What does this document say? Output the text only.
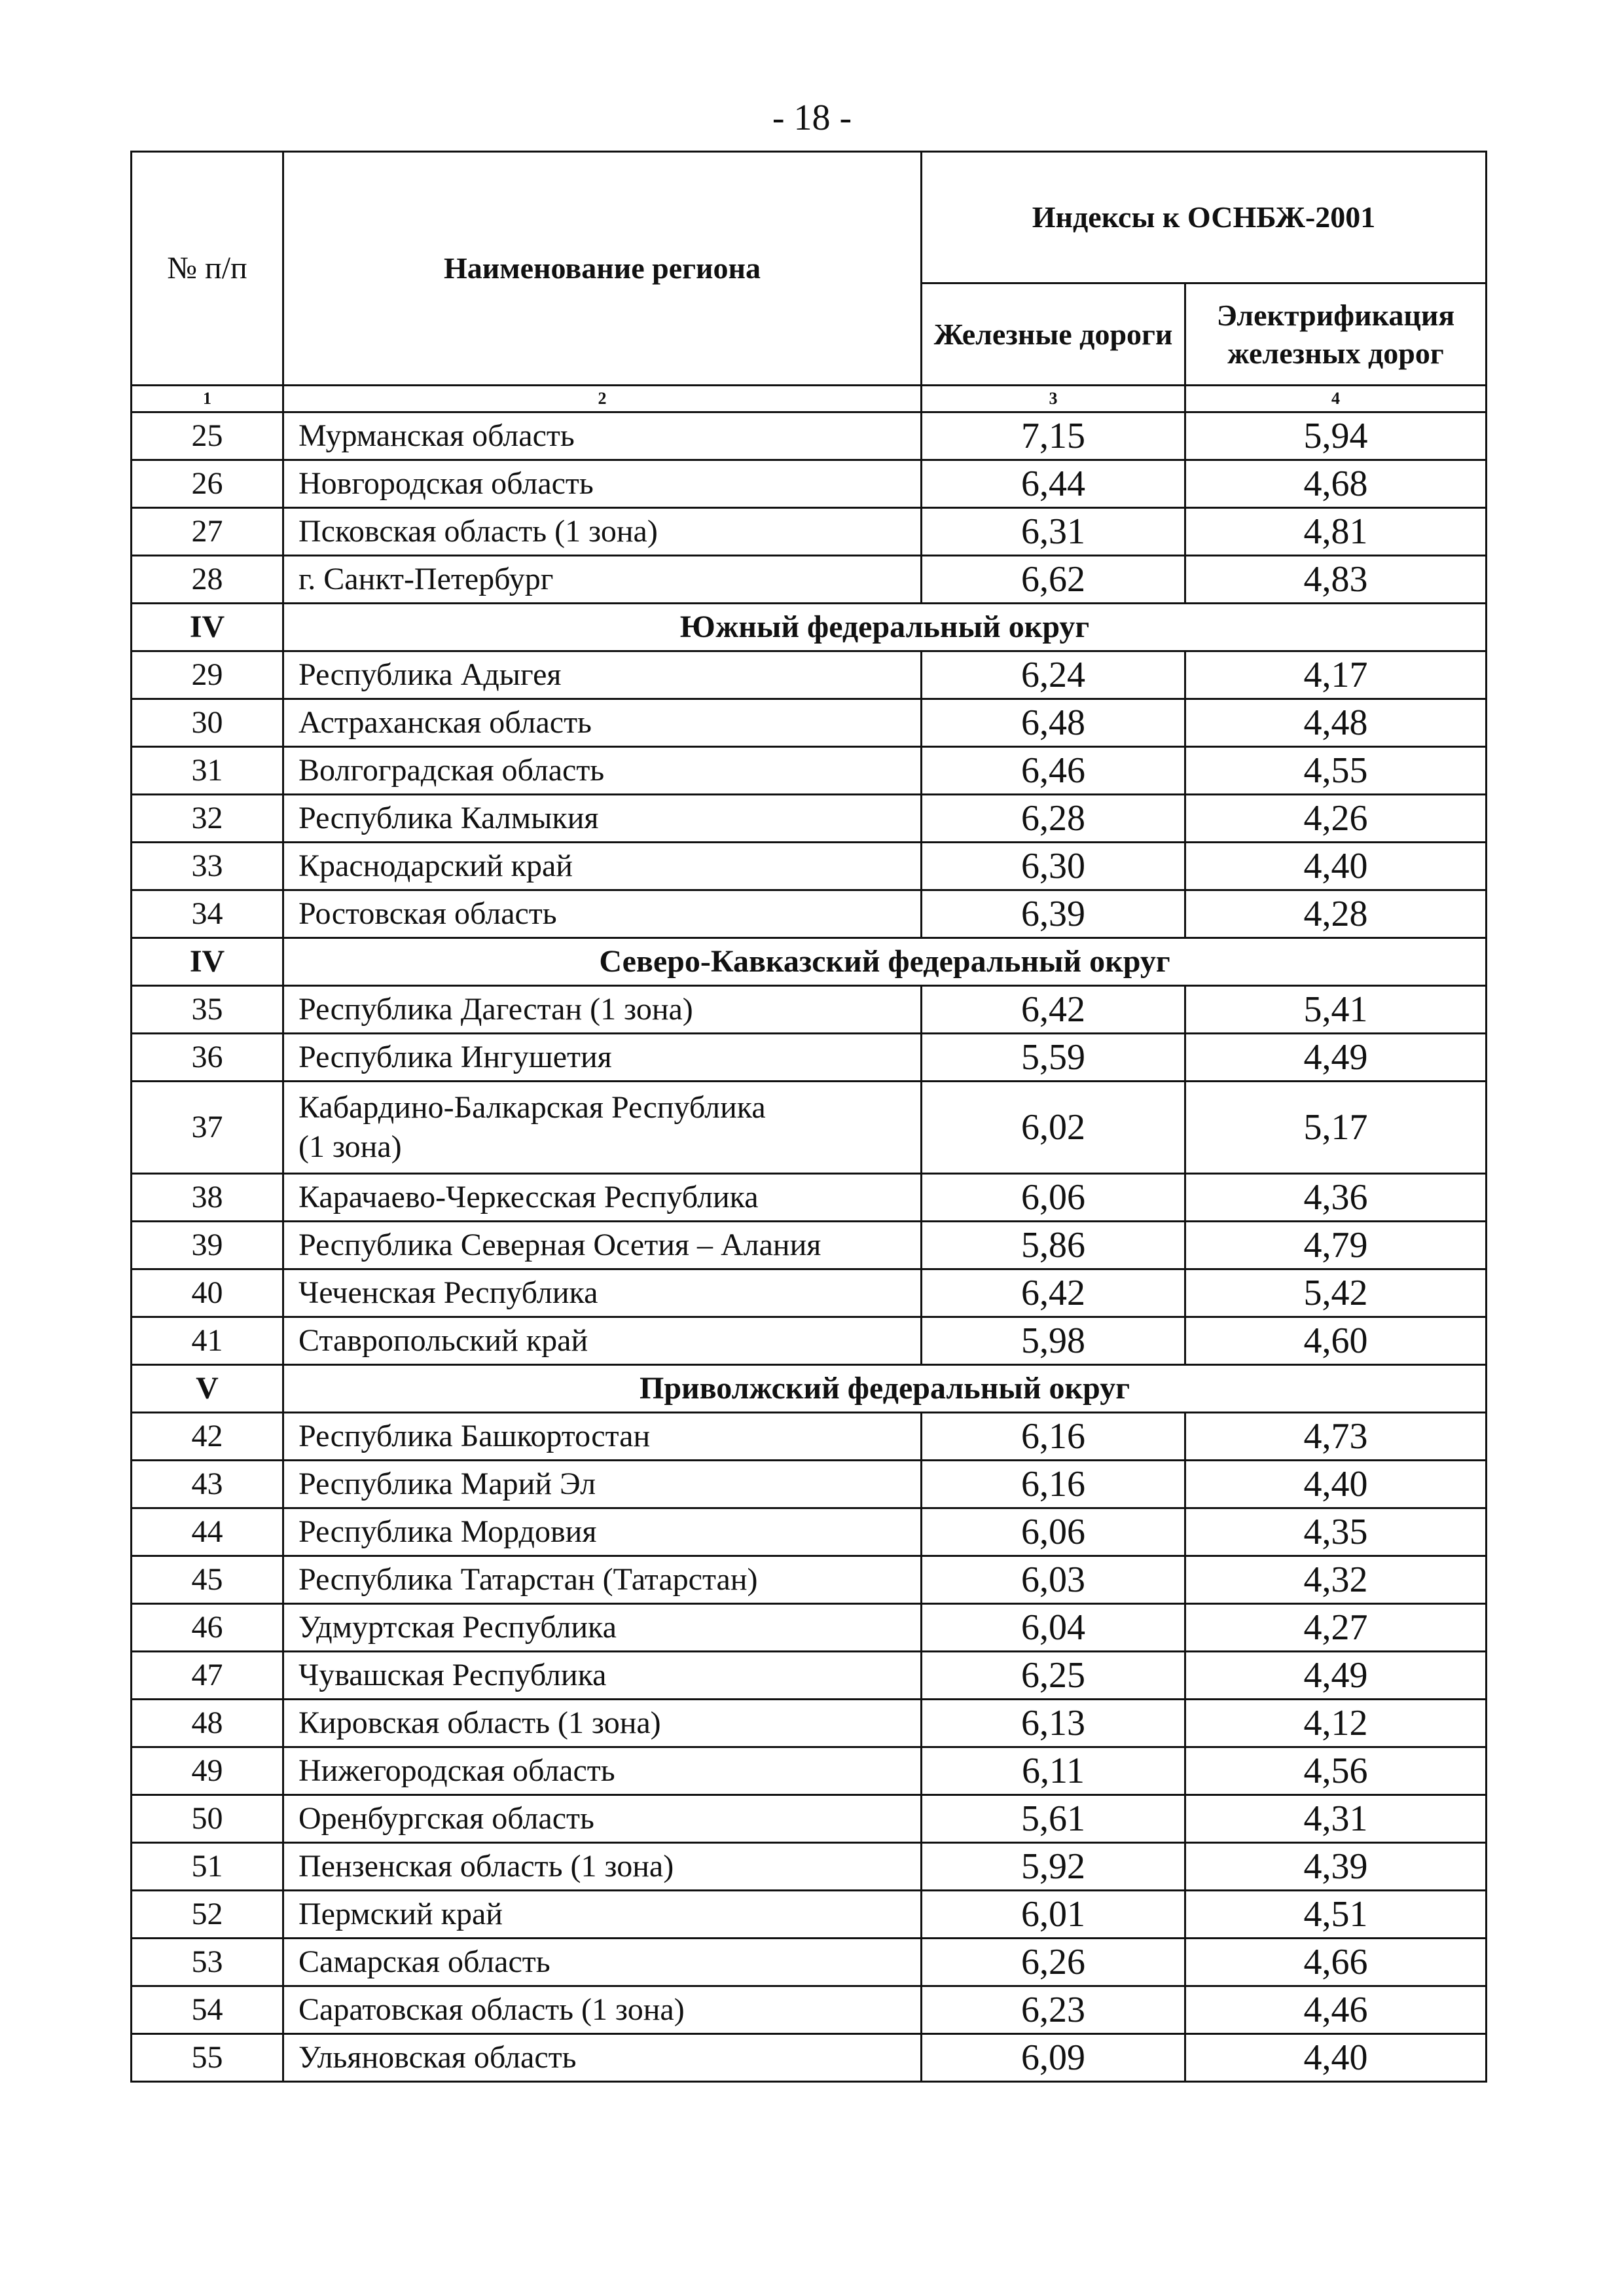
- 18 -
№ п/п	Наименование региона	Индексы к ОСНБЖ-2001	
		Железные дороги	Электрификация железных дорог
1	2	3	4
25	Мурманская область	7,15	5,94
26	Новгородская область	6,44	4,68
27	Псковская область (1 зона)	6,31	4,81
28	г. Санкт-Петербург	6,62	4,83
IV	Южный федеральный округ		
29	Республика Адыгея	6,24	4,17
30	Астраханская область	6,48	4,48
31	Волгоградская область	6,46	4,55
32	Республика Калмыкия	6,28	4,26
33	Краснодарский край	6,30	4,40
34	Ростовская область	6,39	4,28
IV	Северо-Кавказский федеральный округ		
35	Республика Дагестан (1 зона)	6,42	5,41
36	Республика Ингушетия	5,59	4,49
37	Кабардино-Балкарская Республика
(1 зона)	6,02	5,17
38	Карачаево-Черкесская Республика	6,06	4,36
39	Республика Северная Осетия – Алания	5,86	4,79
40	Чеченская Республика	6,42	5,42
41	Ставропольский край	5,98	4,60
V	Приволжский федеральный округ		
42	Республика Башкортостан	6,16	4,73
43	Республика Марий Эл	6,16	4,40
44	Республика Мордовия	6,06	4,35
45	Республика Татарстан (Татарстан)	6,03	4,32
46	Удмуртская Республика	6,04	4,27
47	Чувашская Республика	6,25	4,49
48	Кировская область (1 зона)	6,13	4,12
49	Нижегородская область	6,11	4,56
50	Оренбургская область	5,61	4,31
51	Пензенская область (1 зона)	5,92	4,39
52	Пермский край	6,01	4,51
53	Самарская область	6,26	4,66
54	Саратовская область (1 зона)	6,23	4,46
55	Ульяновская область	6,09	4,40
